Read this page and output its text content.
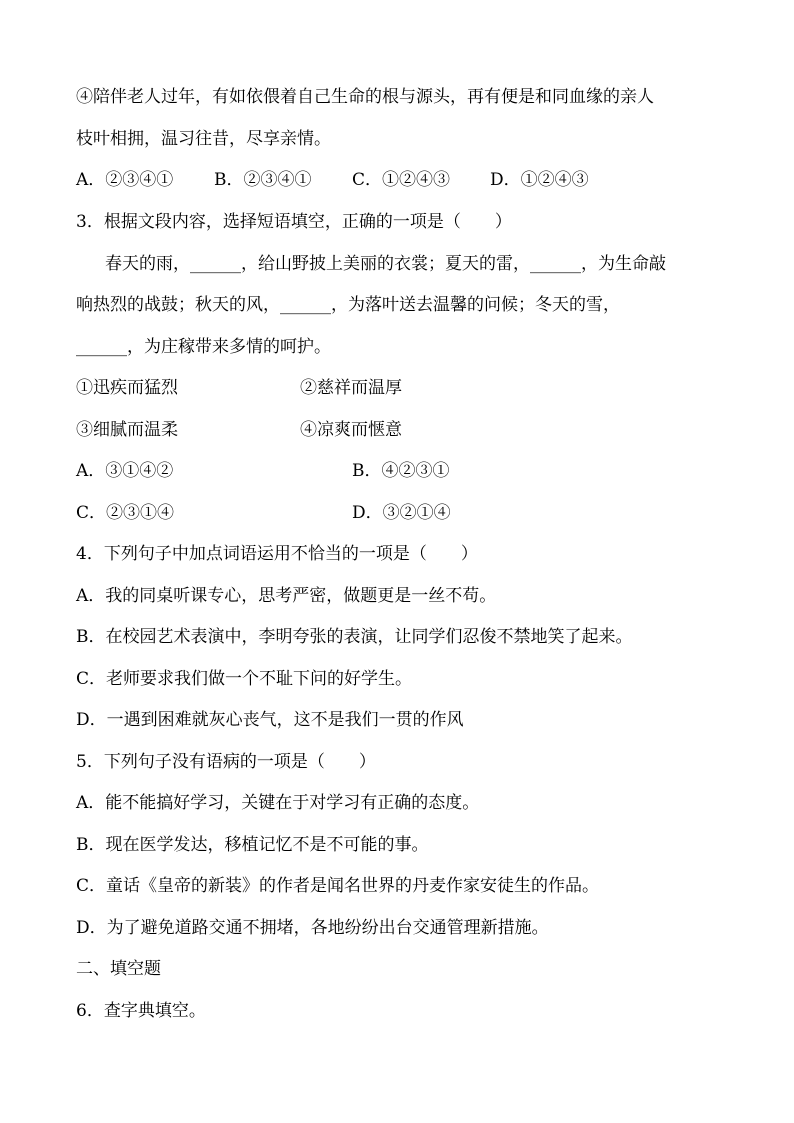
④陪伴老人过年，有如依偎着自己生命的根与源头，再有便是和同血缘的亲人
枝叶相拥，温习往昔，尽享亲情。
A．②③④① B．②③④① C．①②④③ D．①②④③
3．根据文段内容，选择短语填空，正确的一项是（　　）
春天的雨，______，给山野披上美丽的衣裳；夏天的雷，______，为生命敲
响热烈的战鼓；秋天的风，______，为落叶送去温馨的问候；冬天的雪，
______，为庄稼带来多情的呵护。
①迅疾而猛烈	②慈祥而温厚
③细腻而温柔	④凉爽而惬意
A．③①④②	B．④②③①
C．②③①④	D．③②①④
4．下列句子中加点词语运用不恰当的一项是（　　）
A．我的同桌听课专心，思考严密，做题更是一丝不苟。
B．在校园艺术表演中，李明夸张的表演，让同学们忍俊不禁地笑了起来。
C．老师要求我们做一个不耻下问的好学生。
D．一遇到困难就灰心丧气，这不是我们一贯的作风
5．下列句子没有语病的一项是（　　）
A．能不能搞好学习，关键在于对学习有正确的态度。
B．现在医学发达，移植记忆不是不可能的事。
C．童话《皇帝的新装》的作者是闻名世界的丹麦作家安徒生的作品。
D．为了避免道路交通不拥堵，各地纷纷出台交通管理新措施。
二、填空题
6．查字典填空。
